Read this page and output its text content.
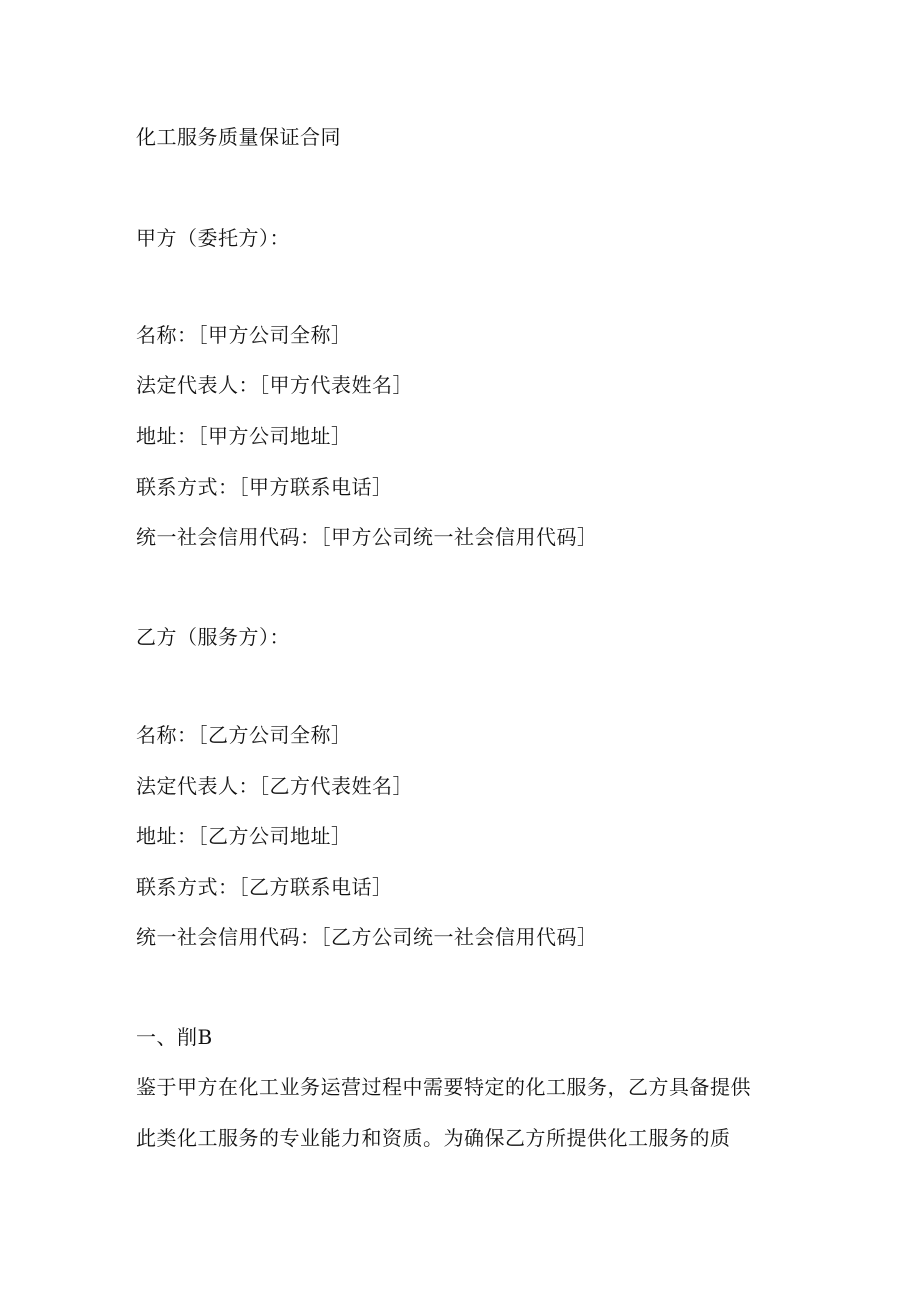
化工服务质量保证合同
甲方（委托方）：
名称：［甲方公司全称］
法定代表人：［甲方代表姓名］
地址：［甲方公司地址］
联系方式：［甲方联系电话］
统一社会信用代码：［甲方公司统一社会信用代码］
乙方（服务方）：
名称：［乙方公司全称］
法定代表人：［乙方代表姓名］
地址：［乙方公司地址］
联系方式：［乙方联系电话］
统一社会信用代码：［乙方公司统一社会信用代码］
一、削B
鉴于甲方在化工业务运营过程中需要特定的化工服务，乙方具备提供
此类化工服务的专业能力和资质。为确保乙方所提供化工服务的质
